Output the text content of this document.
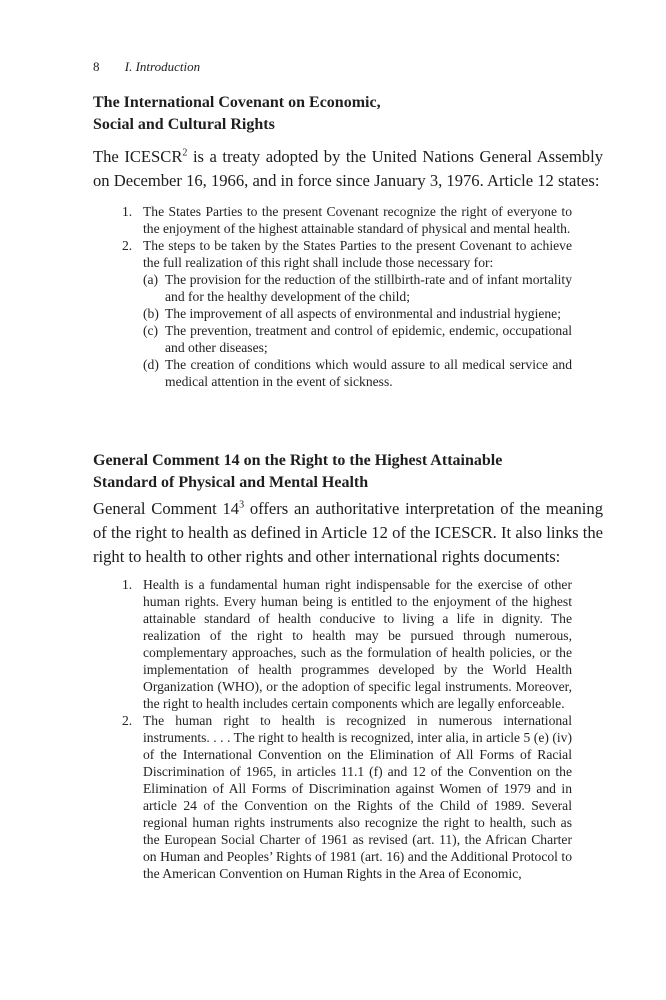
8 I. Introduction
The International Covenant on Economic,
Social and Cultural Rights

The ICESCR$^2$ is a treaty adopted by the United Nations General Assembly on December 16, 1966, and in force since January 3, 1976. Article 12 states:

1. The States Parties to the present Covenant recognize the right of everyone to the enjoyment of the highest attainable standard of physical and mental health.
2. The steps to be taken by the States Parties to the present Covenant to achieve the full realization of this right shall include those necessary for:
(a) The provision for the reduction of the stillbirth-rate and of infant mortality and for the healthy development of the child;
(b) The improvement of all aspects of environmental and industrial hygiene;
(c) The prevention, treatment and control of epidemic, endemic, occupational and other diseases;
(d) The creation of conditions which would assure to all medical service and medical attention in the event of sickness.
General Comment 14 on the Right to the Highest Attainable
Standard of Physical and Mental Health

General Comment $14^3$ offers an authoritative interpretation of the meaning of the right to health as defined in Article 12 of the ICESCR. It also links the right to health to other rights and other international rights documents:

1. Health is a fundamental human right indispensable for the exercise of other human rights. Every human being is entitled to the enjoyment of the highest attainable standard of health conducive to living a life in dignity. The realization of the right to health may be pursued through numerous, complementary approaches, such as the formulation of health policies, or the implementation of health programmes developed by the World Health Organization (WHO), or the adoption of specific legal instruments. Moreover, the right to health includes certain components which are legally enforceable.
2. The human right to health is recognized in numerous international instruments. . . . The right to health is recognized, inter alia, in article 5 (e) (iv) of the International Convention on the Elimination of All Forms of Racial Discrimination of 1965, in articles 11.1 (f) and 12 of the Convention on the Elimination of All Forms of Discrimination against Women of 1979 and in article 24 of the Convention on the Rights of the Child of 1989. Several regional human rights instruments also recognize the right to health, such as the European Social Charter of 1961 as revised (art. 11), the African Charter on Human and Peoples’ Rights of 1981 (art. 16) and the Additional Protocol to the American Convention on Human Rights in the Area of Economic,
